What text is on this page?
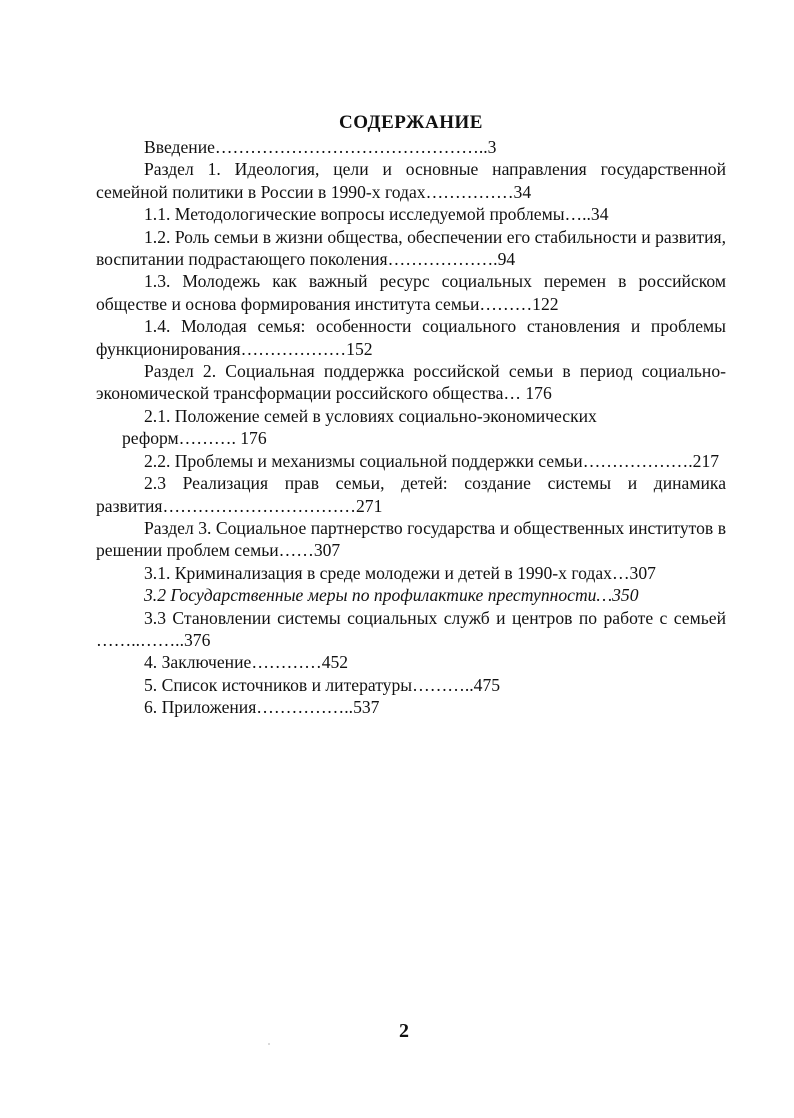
СОДЕРЖАНИЕ

Введение………………………………………..3

Раздел 1. Идеология, цели и основные направления государственной семейной политики в России в 1990-х годах……………34

1.1. Методологические вопросы исследуемой проблемы…..34

1.2. Роль семьи в жизни общества, обеспечении его стабильности и развития, воспитании подрастающего поколения……………….94

1.3. Молодежь как важный ресурс социальных перемен в российском обществе и основа формирования института семьи………122

1.4. Молодая семья: особенности социального становления и проблемы функционирования………………152

Раздел 2. Социальная поддержка российской семьи в период социально-экономической трансформации российского общества… 176

2.1. Положение семей в условиях социально-экономических

реформ………. 176

2.2. Проблемы и механизмы социальной поддержки семьи……………….217

2.3 Реализация прав семьи, детей: создание системы и динамика развития……………………………271

Раздел 3. Социальное партнерство государства и общественных институтов в решении проблем семьи……307

3.1. Криминализация в среде молодежи и детей в 1990-х годах…307

3.2 Государственные меры по профилактике преступности…350

3.3 Становлении системы социальных служб и центров по работе с семьей ……..……..376

4. Заключение…………452

5. Список источников и литературы………..475

6. Приложения……………..537

2
